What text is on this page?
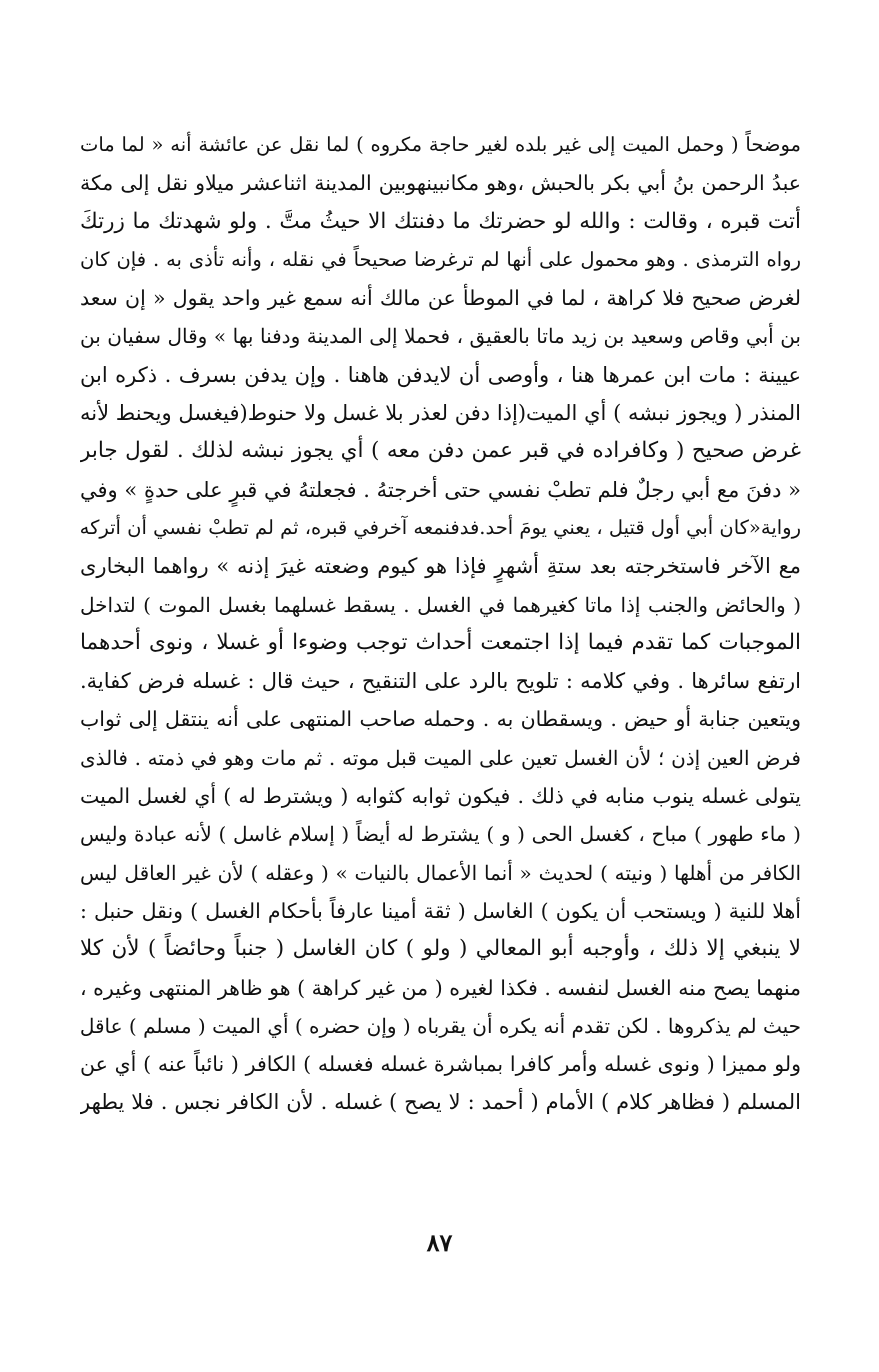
موضحاً ( وحمل الميت إلى غير بلده لغير حاجة مكروه ) لما نقل عن عائشة أنه « لما مات
عبدُ الرحمن بنُ أبي بكر بالحبش ،وهو مكانبينهوبين المدينة اثناعشر ميلاو نقل إلى مكة
أتت قبره ، وقالت : والله لو حضرتك ما دفنتك الا حيثُ متَّ . ولو شهدتك ما زرتكَ
رواه الترمذى . وهو محمول على أنها لم ترغرضا صحيحاً في نقله ، وأنه تأذى به . فإن كان
لغرض صحيح فلا كراهة ، لما في الموطأ عن مالك أنه سمع غير واحد يقول « إن سعد
بن أبي وقاص وسعيد بن زيد ماتا بالعقيق ، فحملا إلى المدينة ودفنا بها » وقال سفيان بن
عيينة : مات ابن عمرها هنا ، وأوصى أن لايدفن هاهنا . وإن يدفن بسرف . ذكره ابن
المنذر ( ويجوز نبشه ) أي الميت(إذا دفن لعذر بلا غسل ولا حنوط(فيغسل ويحنط لأنه
غرض صحيح ( وكافراده في قبر عمن دفن معه ) أي يجوز نبشه لذلك . لقول جابر
« دفنَ مع أبي رجلٌ فلم تطبْ نفسي حتى أخرجتهُ . فجعلتهُ في قبرٍ على حدةٍ » وفي
رواية«كان أبي أول قتيل ، يعني يومَ أحد.فدفنمعه آخرفي قبره، ثم لم تطبْ نفسي أن أتركه
مع الآخر فاستخرجته بعد ستةِ أشهرٍ فإذا هو كيوم وضعته غيرَ إذنه » رواهما البخارى
( والحائض والجنب إذا ماتا كغيرهما في الغسل . يسقط غسلهما بغسل الموت ) لتداخل
الموجبات كما تقدم فيما إذا اجتمعت أحداث توجب وضوءا أو غسلا ، ونوى أحدهما
ارتفع سائرها . وفي كلامه : تلويح بالرد على التنقيح ، حيث قال : غسله فرض كفاية.
ويتعين جنابة أو حيض . ويسقطان به . وحمله صاحب المنتهى على أنه ينتقل إلى ثواب
فرض العين إذن ؛ لأن الغسل تعين على الميت قبل موته . ثم مات وهو في ذمته . فالذى
يتولى غسله ينوب منابه في ذلك . فيكون ثوابه كثوابه ( ويشترط له ) أي لغسل الميت
( ماء طهور ) مباح ، كغسل الحى ( و ) يشترط له أيضاً ( إسلام غاسل ) لأنه عبادة وليس
الكافر من أهلها ( ونيته ) لحديث « أنما الأعمال بالنيات » ( وعقله ) لأن غير العاقل ليس
أهلا للنية ( ويستحب أن يكون ) الغاسل ( ثقة أمينا عارفاً بأحكام الغسل ) ونقل حنبل :
لا ينبغي إلا ذلك ، وأوجبه أبو المعالي ( ولو ) كان الغاسل ( جنباً وحائضاً ) لأن كلا
منهما يصح منه الغسل لنفسه . فكذا لغيره ( من غير كراهة ) هو ظاهر المنتهى وغيره ،
حيث لم يذكروها . لكن تقدم أنه يكره أن يقرباه ( وإن حضره ) أي الميت ( مسلم ) عاقل
ولو مميزا ( ونوى غسله وأمر كافرا بمباشرة غسله فغسله ) الكافر ( نائباً عنه ) أي عن
المسلم ( فظاهر كلام ) الأمام ( أحمد : لا يصح ) غسله . لأن الكافر نجس . فلا يطهر
٨٧
